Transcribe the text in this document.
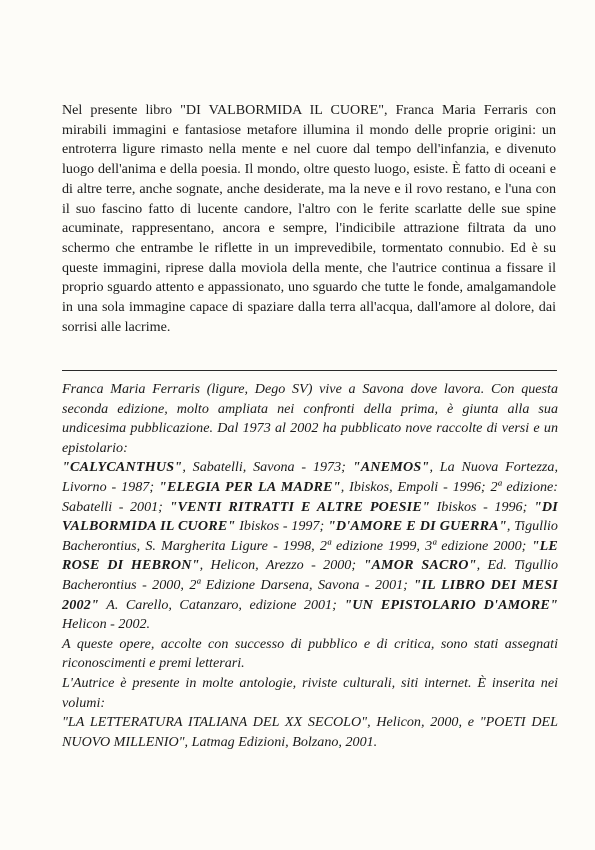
Nel presente libro "DI VALBORMIDA IL CUORE", Franca Maria Ferraris con mirabili immagini e fantasiose metafore illumina il mondo delle proprie origini: un entroterra ligure rimasto nella mente e nel cuore dal tempo dell'infanzia, e divenuto luogo dell'anima e della poesia. Il mondo, oltre questo luogo, esiste. È fatto di oceani e di altre terre, anche sognate, anche desiderate, ma la neve e il rovo restano, e l'una con il suo fascino fatto di lucente candore, l'altro con le ferite scarlatte delle sue spine acuminate, rappresentano, ancora e sempre, l'indicibile attrazione filtrata da uno schermo che entrambe le riflette in un imprevedibile, tormentato connubio. Ed è su queste immagini, riprese dalla moviola della mente, che l'autrice continua a fissare il proprio sguardo attento e appassionato, uno sguardo che tutte le fonde, amalgamandole in una sola immagine capace di spaziare dalla terra all'acqua, dall'amore al dolore, dai sorrisi alle lacrime.

Franca Maria Ferraris (ligure, Dego SV) vive a Savona dove lavora. Con questa seconda edizione, molto ampliata nei confronti della prima, è giunta alla sua undicesima pubblicazione. Dal 1973 al 2002 ha pubblicato nove raccolte di versi e un epistolario:

"CALYCANTHUS", Sabatelli, Savona - 1973; "ANEMOS", La Nuova Fortezza, Livorno - 1987; "ELEGIA PER LA MADRE", Ibiskos, Empoli - 1996; 2ª edizione: Sabatelli - 2001; "VENTI RITRATTI E ALTRE POESIE" Ibiskos - 1996; "DI VALBORMIDA IL CUORE" Ibiskos - 1997; "D'AMORE E DI GUERRA", Tigullio Bacherontius, S. Margherita Ligure - 1998, 2ª edizione 1999, 3ª edizione 2000; "LE ROSE DI HEBRON", Helicon, Arezzo - 2000; "AMOR SACRO", Ed. Tigullio Bacherontius - 2000, 2ª Edizione Darsena, Savona - 2001; "IL LIBRO DEI MESI 2002" A. Carello, Catanzaro, edizione 2001; "UN EPISTOLARIO D'AMORE" Helicon - 2002.

A queste opere, accolte con successo di pubblico e di critica, sono stati assegnati riconoscimenti e premi letterari.

L'Autrice è presente in molte antologie, riviste culturali, siti internet. È inserita nei volumi:

"LA LETTERATURA ITALIANA DEL XX SECOLO", Helicon, 2000, e "POETI DEL NUOVO MILLENIO", Latmag Edizioni, Bolzano, 2001.
